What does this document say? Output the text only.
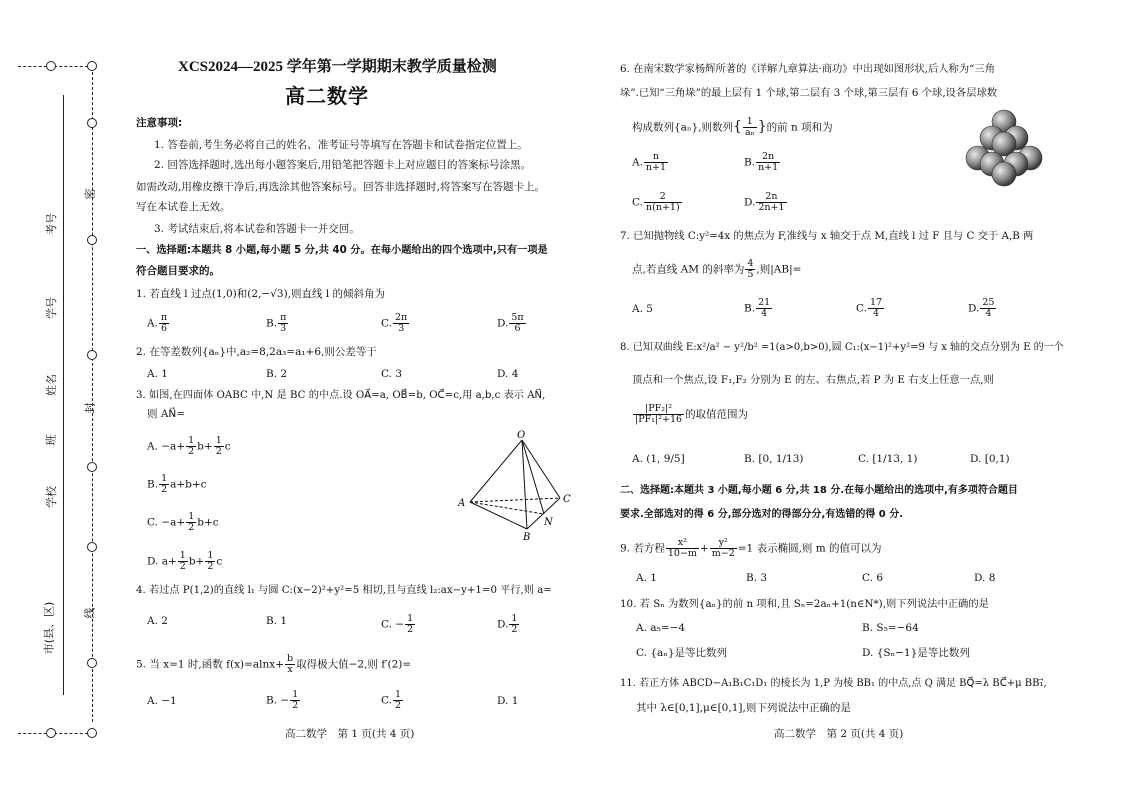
考号
学号
姓名
班
学校
市(县、区)
密
封
线
XCS2024—2025 学年第一学期期末教学质量检测
高二数学
注意事项:
1. 答卷前,考生务必将自己的姓名、准考证号等填写在答题卡和试卷指定位置上。
2. 回答选择题时,选出每小题答案后,用铅笔把答题卡上对应题目的答案标号涂黑。
如需改动,用橡皮擦干净后,再选涂其他答案标号。回答非选择题时,将答案写在答题卡上。
写在本试卷上无效。
3. 考试结束后,将本试卷和答题卡一并交回。
一、选择题:本题共 8 小题,每小题 5 分,共 40 分。在每小题给出的四个选项中,只有一项是
符合题目要求的。
1. 若直线 l 过点(1,0)和(2,−√3),则直线 l 的倾斜角为
A. $\frac{\pi}{6}$	B. $\frac{\pi}{3}$	C. $\frac{2\pi}{3}$	D. $\frac{5\pi}{6}$
2. 在等差数列{aₙ}中,a₂=8,2a₃=a₁+6,则公差等于
A. 1	B. 2	C. 3	D. 4
3. 如图,在四面体 OABC 中,N 是 BC 的中点.设 OA⃗=a, OB⃗=b, OC⃗=c,用 a,b,c 表示 AN⃗,
则 AN⃗=
A. $-a+ \frac{1}{2} b+ \frac{1}{2}$ c
B. $\frac{1}{2} a+b+c$
C. $-a+ \frac{1}{2} b+c$
D. $a+ \frac{1}{2} b+ \frac{1}{2}$ c
O
A	C
N
B
4. 若过点 P(1,2)的直线 l₁ 与圆 C:(x−2)²+y²=5 相切,且与直线 l₂:ax−y+1=0 平行,则 a=
A. 2	B. 1	C. − $\frac{1}{2}$	D. $\frac{1}{2}$
5. 当 x=1 时,函数 $f(x)=alnx+ \frac{b}{x}$ 取得极大值−2,则 f′(2)=
A. −1	B. − $\frac{1}{2}$	C. $\frac{1}{2}$	D. 1
高二数学　第 1 页(共 4 页)
6. 在南宋数学家杨辉所著的《详解九章算法·商功》中出现如图形状,后人称为“三角
垛”.已知“三角垛”的最上层有 1 个球,第二层有 3 个球,第三层有 6 个球,设各层球数
构成数列{aₙ},则数列{ $\frac{1}{\text{aₙ}}$ }的前 n 项和为
A. $\frac{n}{n+1}$	B. $\frac{2n}{n+1}$
C. $\frac{2}{n(n+1)}$	D. $\frac{2n}{2n+1}$
7. 已知抛物线 C:y²=4x 的焦点为 F,准线与 x 轴交于点 M,直线 l 过 F 且与 C 交于 A,B 两
点,若直线 AM 的斜率为 $\frac{4}{5}$ ,则|AB|=
A. 5	B. $\frac{21}{4}$	C. $\frac{17}{4}$	D. $\frac{25}{4}$
8. 已知双曲线 E:x²/a² − y²/b² =1(a>0,b>0),圆 C₁:(x−1)²+y²=9 与 x 轴的交点分别为 E 的一个
顶点和一个焦点,设 F₁,F₂ 分别为 E 的左、右焦点,若 P 为 E 右支上任意一点,则
$\frac{\text{|PF₂|²}}{\text{|PF₁|²+16}}$ 的取值范围为
A. (1, 9/5]	B. [0, 1/13)	C. [1/13, 1)	D. [0,1)
二、选择题:本题共 3 小题,每小题 6 分,共 18 分.在每小题给出的选项中,有多项符合题目
要求.全部选对的得 6 分,部分选对的得部分分,有选错的得 0 分.
9. 若方程 $\frac{\text{x²}}{10-m} + \frac{\text{y²}}{m-2} =1$ 表示椭圆,则 m 的值可以为
A. 1	B. 3	C. 6	D. 8
10. 若 Sₙ 为数列{aₙ}的前 n 项和,且 Sₙ=2aₙ+1(n∈N*),则下列说法中正确的是
A. a₅=−4	B. S₅=−64
C. {aₙ}是等比数列	D. {Sₙ−1}是等比数列
11. 若正方体 ABCD−A₁B₁C₁D₁ 的棱长为 1,P 为棱 BB₁ 的中点,点 Q 满足 BQ⃗=λ BC⃗+μ BB₁⃗,
其中 λ∈[0,1],μ∈[0,1],则下列说法中正确的是
高二数学　第 2 页(共 4 页)
